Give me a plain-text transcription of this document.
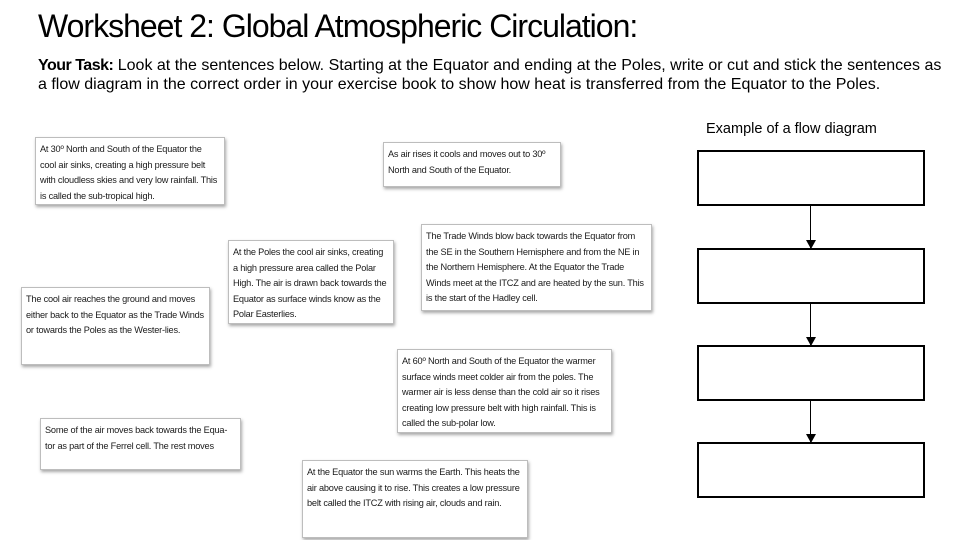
Worksheet 2: Global Atmospheric Circulation:
Your Task: Look at the sentences below. Starting at the Equator and ending at the Poles, write or cut and stick the sentences as a flow diagram in the correct order in your exercise book to show how heat is transferred from the Equator to the Poles.
Example of a flow diagram
At 30º North and South of the Equator the cool air sinks, creating a high pressure belt with cloudless skies and very low rainfall. This is called the sub-tropical high.
As air rises it cools and moves out to 30º North and South of the Equator.
At the Poles the cool air sinks, creating a high pressure area called the Polar High. The air is drawn back towards the Equator as surface winds know as the Polar Easterlies.
The Trade Winds blow back towards the Equator from the SE in the Southern Hemisphere and from the NE in the Northern Hemisphere. At the Equator the Trade Winds meet at the ITCZ and are heated by the sun. This is the start of the Hadley cell.
The cool air reaches the ground and moves either back to the Equator as the Trade Winds or towards the Poles as the Wester-lies.
At 60º North and South of the Equator the warmer surface winds meet colder air from the poles. The warmer air is less dense than the cold air so it rises creating low pressure belt with high rainfall. This is called the sub-polar low.
Some of the air moves back towards the Equa-tor as part of the Ferrel cell. The rest moves
At the Equator the sun warms the Earth. This heats the air above causing it to rise. This creates a low pressure belt called the ITCZ with rising air, clouds and rain.
